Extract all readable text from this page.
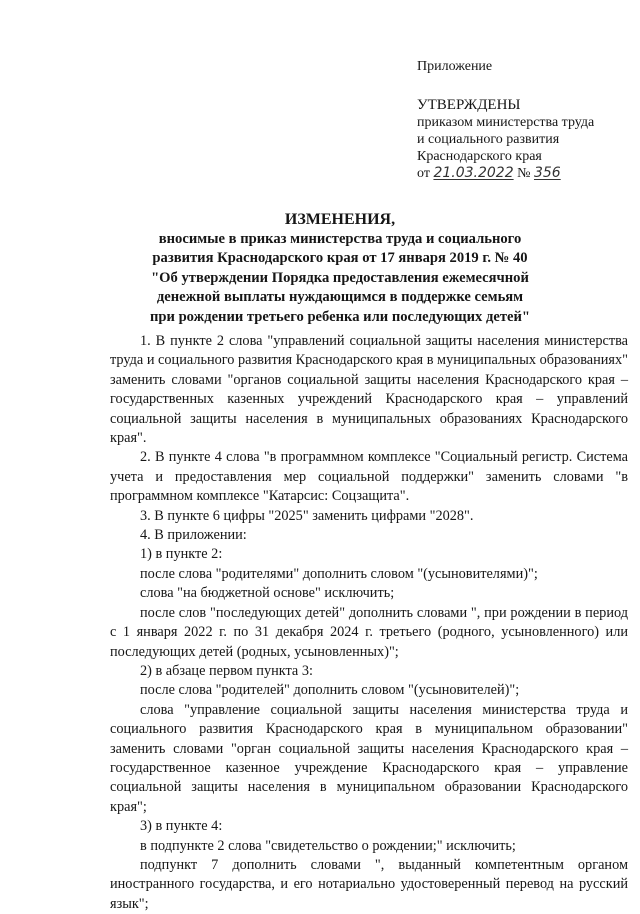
Приложение
УТВЕРЖДЕНЫ
приказом министерства труда
и социального развития
Краснодарского края
от 21.03.2022 № 356
ИЗМЕНЕНИЯ,
вносимые в приказ министерства труда и социального
развития Краснодарского края от 17 января 2019 г. № 40
"Об утверждении Порядка предоставления ежемесячной
денежной выплаты нуждающимся в поддержке семьям
при рождении третьего ребенка или последующих детей"

1. В пункте 2 слова "управлений социальной защиты населения министерства труда и социального развития Краснодарского края в муниципальных образованиях" заменить словами "органов социальной защиты населения Краснодарского края – государственных казенных учреждений Краснодарского края – управлений социальной защиты населения в муниципальных образованиях Краснодарского края".

2. В пункте 4 слова "в программном комплексе "Социальный регистр. Система учета и предоставления мер социальной поддержки" заменить словами "в программном комплексе "Катарсис: Соцзащита".

3. В пункте 6 цифры "2025" заменить цифрами "2028".

4. В приложении:

1) в пункте 2:

после слова "родителями" дополнить словом "(усыновителями)";

слова "на бюджетной основе" исключить;

после слов "последующих детей" дополнить словами ", при рождении в период с 1 января 2022 г. по 31 декабря 2024 г. третьего (родного, усыновленного) или последующих детей (родных, усыновленных)";

2) в абзаце первом пункта 3:

после слова "родителей" дополнить словом "(усыновителей)";

слова "управление социальной защиты населения министерства труда и социального развития Краснодарского края в муниципальном образовании" заменить словами "орган социальной защиты населения Краснодарского края – государственное казенное учреждение Краснодарского края – управление социальной защиты населения в муниципальном образовании Краснодарского края";

3) в пункте 4:

в подпункте 2 слова "свидетельство о рождении;" исключить;

подпункт 7 дополнить словами ", выданный компетентным органом иностранного государства, и его нотариально удостоверенный перевод на русский язык";
